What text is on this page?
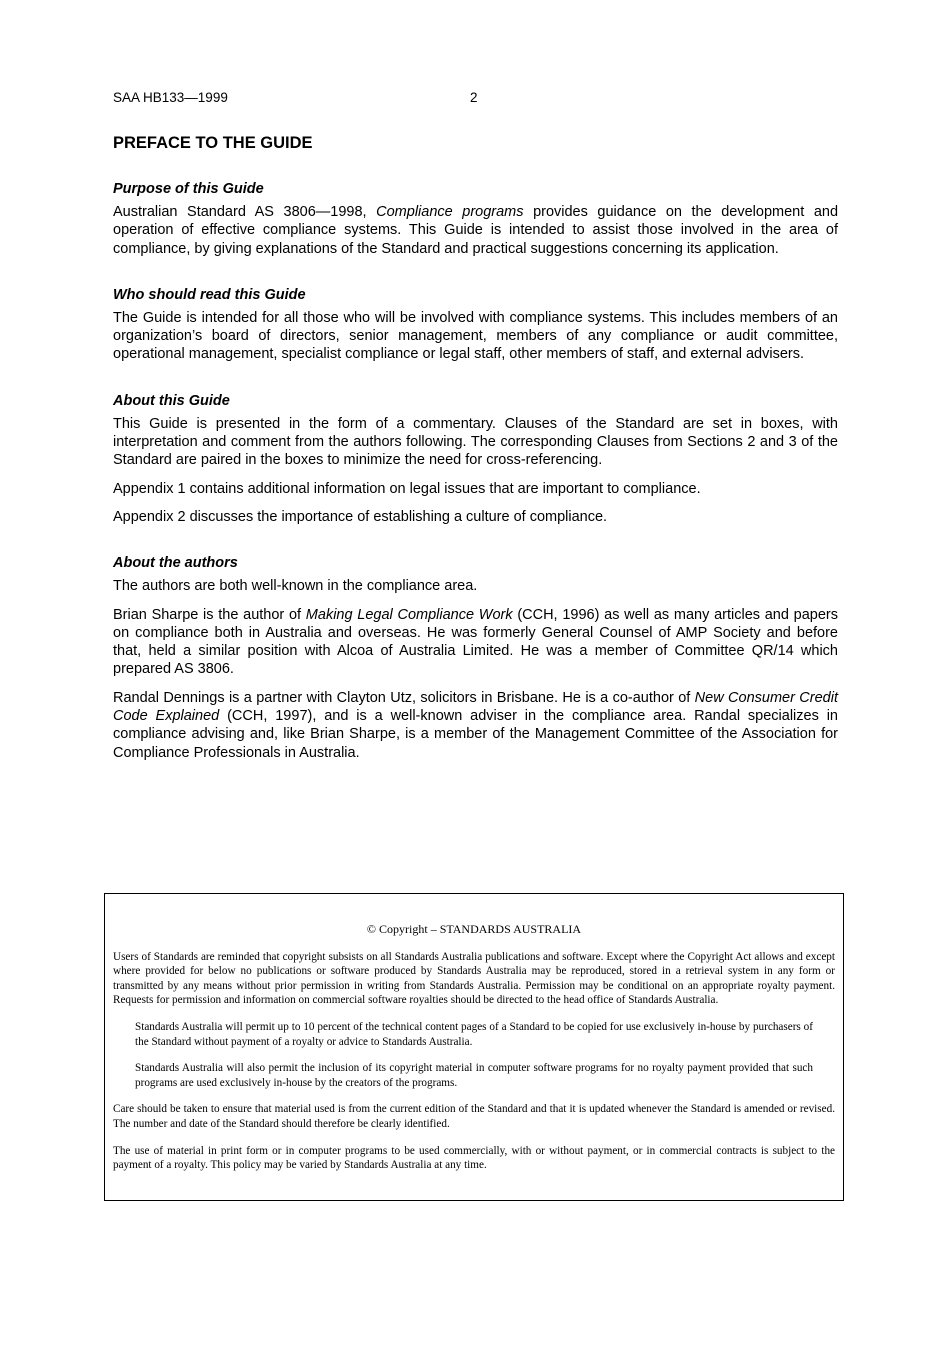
SAA HB133—1999	2
PREFACE TO THE GUIDE
Purpose of this Guide

Australian Standard AS 3806—1998, Compliance programs provides guidance on the development and operation of effective compliance systems. This Guide is intended to assist those involved in the area of compliance, by giving explanations of the Standard and practical suggestions concerning its application.

Who should read this Guide

The Guide is intended for all those who will be involved with compliance systems. This includes members of an organization’s board of directors, senior management, members of any compliance or audit committee, operational management, specialist compliance or legal staff, other members of staff, and external advisers.

About this Guide

This Guide is presented in the form of a commentary. Clauses of the Standard are set in boxes, with interpretation and comment from the authors following. The corresponding Clauses from Sections 2 and 3 of the Standard are paired in the boxes to minimize the need for cross-referencing.

Appendix 1 contains additional information on legal issues that are important to compliance.

Appendix 2 discusses the importance of establishing a culture of compliance.

About the authors

The authors are both well-known in the compliance area.

Brian Sharpe is the author of Making Legal Compliance Work (CCH, 1996) as well as many articles and papers on compliance both in Australia and overseas. He was formerly General Counsel of AMP Society and before that, held a similar position with Alcoa of Australia Limited. He was a member of Committee QR/14 which prepared AS 3806.

Randal Dennings is a partner with Clayton Utz, solicitors in Brisbane. He is a co-author of New Consumer Credit Code Explained (CCH, 1997), and is a well-known adviser in the compliance area. Randal specializes in compliance advising and, like Brian Sharpe, is a member of the Management Committee of the Association for Compliance Professionals in Australia.

© Copyright – STANDARDS AUSTRALIA

Users of Standards are reminded that copyright subsists on all Standards Australia publications and software. Except where the Copyright Act allows and except where provided for below no publications or software produced by Standards Australia may be reproduced, stored in a retrieval system in any form or transmitted by any means without prior permission in writing from Standards Australia. Permission may be conditional on an appropriate royalty payment. Requests for permission and information on commercial software royalties should be directed to the head office of Standards Australia.

Standards Australia will permit up to 10 percent of the technical content pages of a Standard to be copied for use exclusively in-house by purchasers of the Standard without payment of a royalty or advice to Standards Australia.

Standards Australia will also permit the inclusion of its copyright material in computer software programs for no royalty payment provided that such programs are used exclusively in-house by the creators of the programs.

Care should be taken to ensure that material used is from the current edition of the Standard and that it is updated whenever the Standard is amended or revised. The number and date of the Standard should therefore be clearly identified.

The use of material in print form or in computer programs to be used commercially, with or without payment, or in commercial contracts is subject to the payment of a royalty. This policy may be varied by Standards Australia at any time.
